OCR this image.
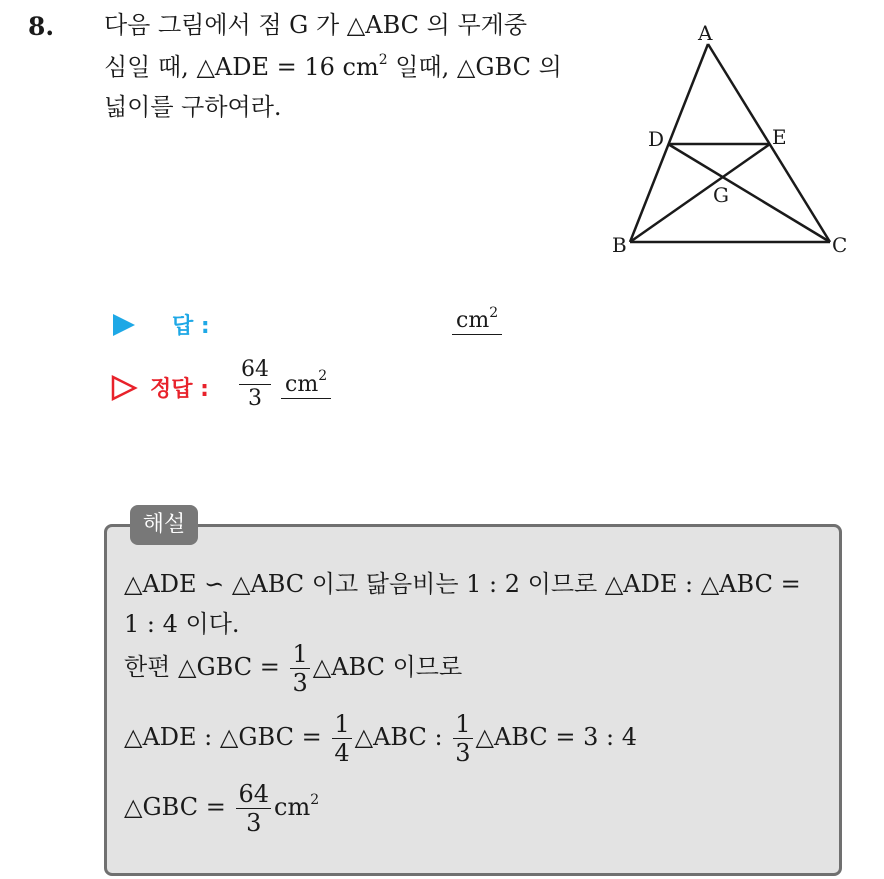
8. 다음 그림에서 점 G 가 △ABC 의 무게중
심일 때, △ADE = 16 $cm^2$ 일때, △GBC 의
넓이를 구하여라.
A
D	E
G
B	C
답 :	$cm^2$
정답 : $\frac{64}{3} cm^2$
해설
△ADE ∽ △ABC 이고 닮음비는 1 : 2 이므로 △ADE : △ABC =
1 : 4 이다.
한편 △GBC = $\frac{1}{3}$ △ABC 이므로
△ADE : △GBC = $\frac{1}{4}$ △ABC : $\frac{1}{3}$ △ABC = 3 : 4
△GBC = $\frac{64}{3} cm^2$
